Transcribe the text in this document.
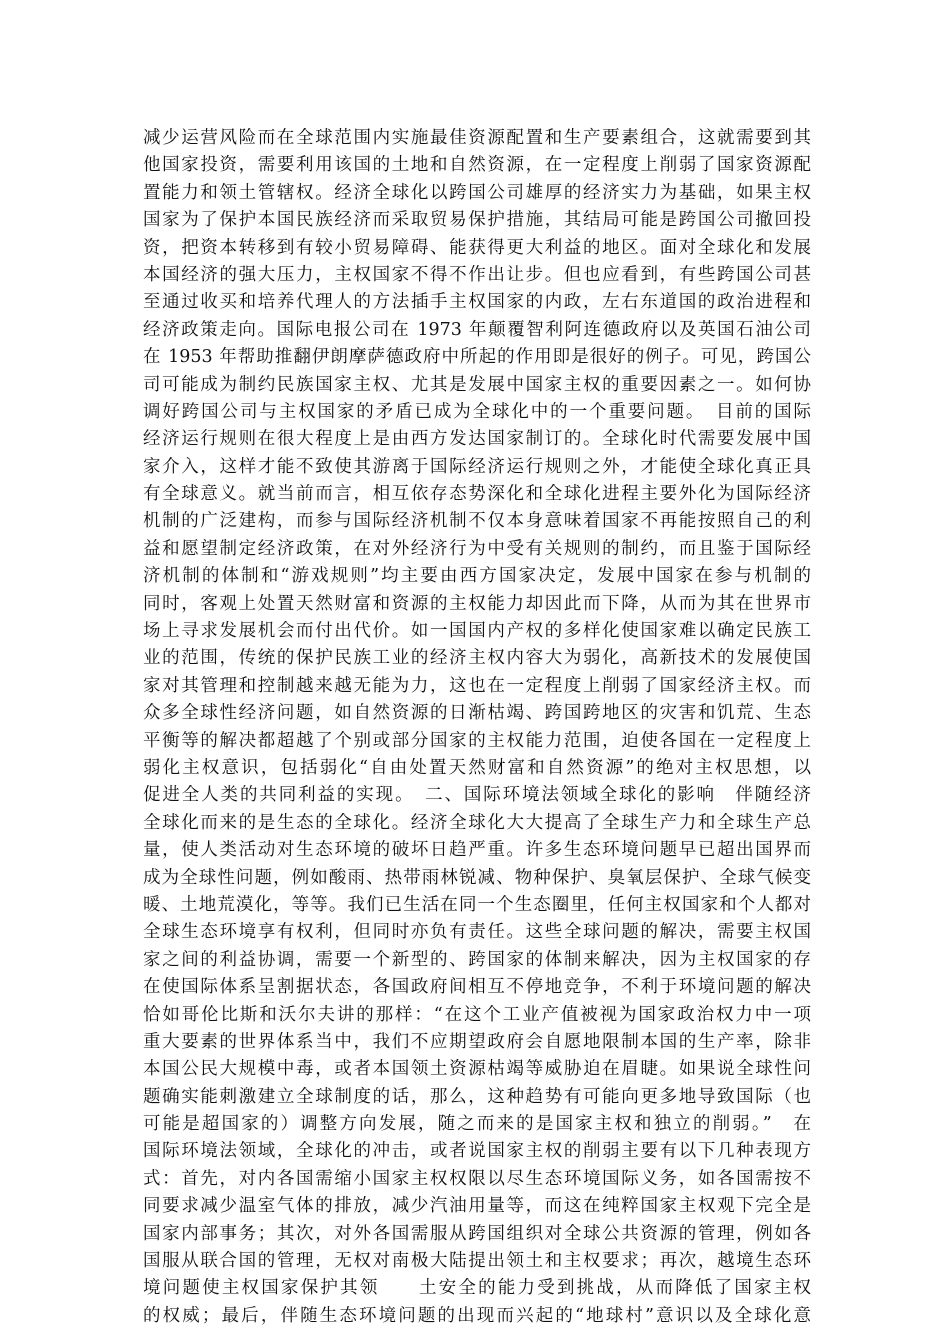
减少运营风险而在全球范围内实施最佳资源配置和生产要素组合，这就需要到其
他国家投资，需要利用该国的土地和自然资源，在一定程度上削弱了国家资源配
置能力和领土管辖权。经济全球化以跨国公司雄厚的经济实力为基础，如果主权
国家为了保护本国民族经济而采取贸易保护措施，其结局可能是跨国公司撤回投
资，把资本转移到有较小贸易障碍、能获得更大利益的地区。面对全球化和发展
本国经济的强大压力，主权国家不得不作出让步。但也应看到，有些跨国公司甚
至通过收买和培养代理人的方法插手主权国家的内政，左右东道国的政治进程和
经济政策走向。国际电报公司在 1973 年颠覆智利阿连德政府以及英国石油公司
在 1953 年帮助推翻伊朗摩萨德政府中所起的作用即是很好的例子。可见，跨国公
司可能成为制约民族国家主权、尤其是发展中国家主权的重要因素之一。如何协
调好跨国公司与主权国家的矛盾已成为全球化中的一个重要问题。　目前的国际
经济运行规则在很大程度上是由西方发达国家制订的。全球化时代需要发展中国
家介入，这样才能不致使其游离于国际经济运行规则之外，才能使全球化真正具
有全球意义。就当前而言，相互依存态势深化和全球化进程主要外化为国际经济
机制的广泛建构，而参与国际经济机制不仅本身意味着国家不再能按照自己的利
益和愿望制定经济政策，在对外经济行为中受有关规则的制约，而且鉴于国际经
济机制的体制和“游戏规则”均主要由西方国家决定，发展中国家在参与机制的
同时，客观上处置天然财富和资源的主权能力却因此而下降，从而为其在世界市
场上寻求发展机会而付出代价。如一国国内产权的多样化使国家难以确定民族工
业的范围，传统的保护民族工业的经济主权内容大为弱化，高新技术的发展使国
家对其管理和控制越来越无能为力，这也在一定程度上削弱了国家经济主权。而
众多全球性经济问题，如自然资源的日渐枯竭、跨国跨地区的灾害和饥荒、生态
平衡等的解决都超越了个别或部分国家的主权能力范围，迫使各国在一定程度上
弱化主权意识，包括弱化“自由处置天然财富和自然资源”的绝对主权思想，以
促进全人类的共同利益的实现。　二、国际环境法领域全球化的影响　伴随经济
全球化而来的是生态的全球化。经济全球化大大提高了全球生产力和全球生产总
量，使人类活动对生态环境的破坏日趋严重。许多生态环境问题早已超出国界而
成为全球性问题，例如酸雨、热带雨林锐减、物种保护、臭氧层保护、全球气候变
暖、土地荒漠化，等等。我们已生活在同一个生态圈里，任何主权国家和个人都对
全球生态环境享有权利，但同时亦负有责任。这些全球问题的解决，需要主权国
家之间的利益协调，需要一个新型的、跨国家的体制来解决，因为主权国家的存
在使国际体系呈割据状态，各国政府间相互不停地竞争，不利于环境问题的解决
恰如哥伦比斯和沃尔夫讲的那样：“在这个工业产值被视为国家政治权力中一项
重大要素的世界体系当中，我们不应期望政府会自愿地限制本国的生产率，除非
本国公民大规模中毒，或者本国领土资源枯竭等威胁迫在眉睫。如果说全球性问
题确实能刺激建立全球制度的话，那么，这种趋势有可能向更多地导致国际（也
可能是超国家的）调整方向发展，随之而来的是国家主权和独立的削弱。”　在
国际环境法领域，全球化的冲击，或者说国家主权的削弱主要有以下几种表现方
式：首先，对内各国需缩小国家主权权限以尽生态环境国际义务，如各国需按不
同要求减少温室气体的排放，减少汽油用量等，而这在纯粹国家主权观下完全是
国家内部事务；其次，对外各国需服从跨国组织对全球公共资源的管理，例如各
国服从联合国的管理，无权对南极大陆提出领土和主权要求；再次，越境生态环
境问题使主权国家保护其领　　土安全的能力受到挑战，从而降低了国家主权
的权威；最后，伴随生态环境问题的出现而兴起的“地球村”意识以及全球化意
